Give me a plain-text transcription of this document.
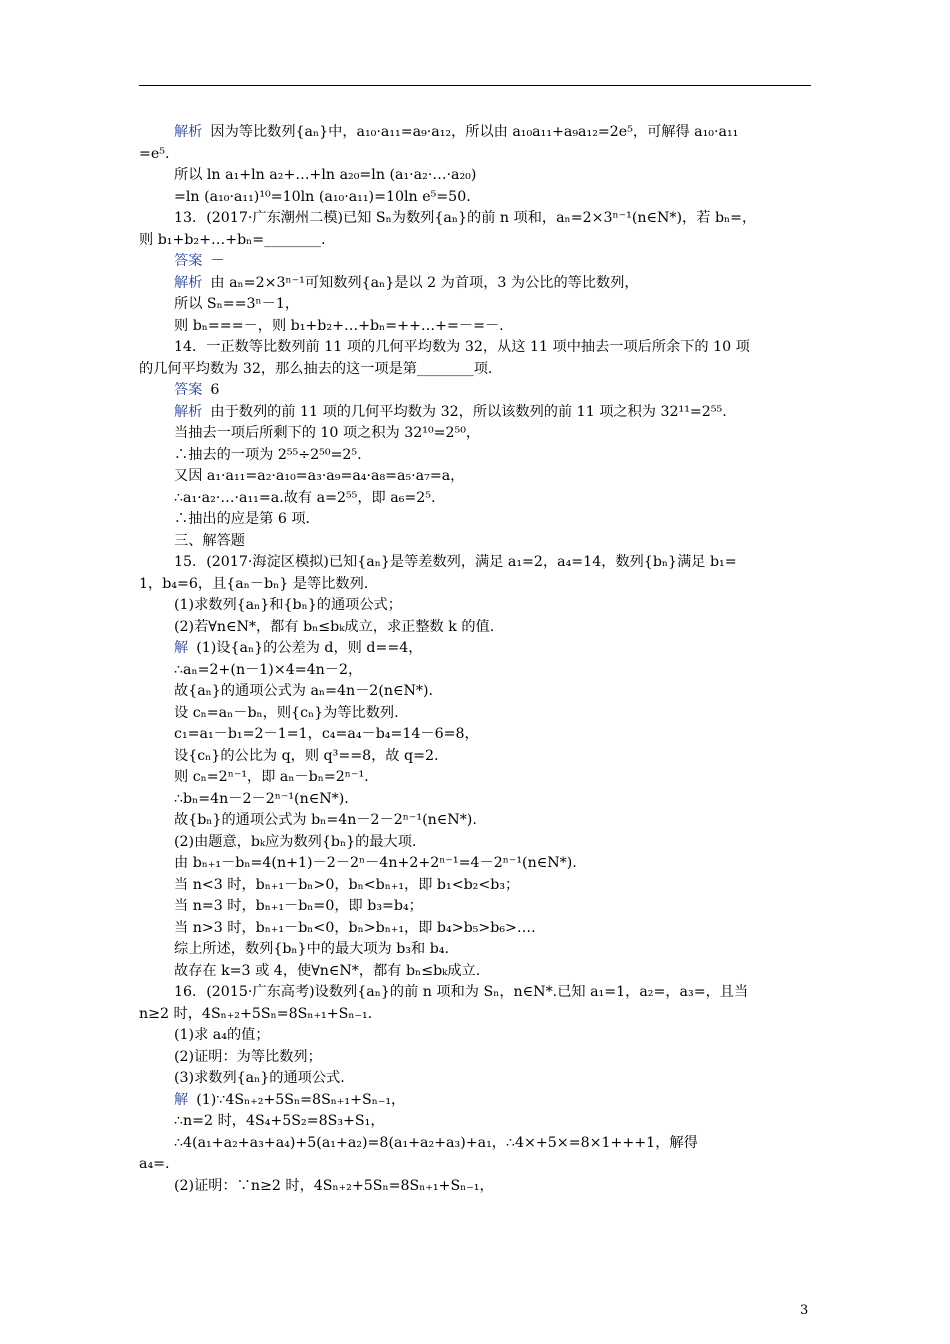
解析 因为等比数列{aₙ}中，a₁₀·a₁₁=a₉·a₁₂，所以由 a₁₀a₁₁+a₉a₁₂=2e⁵，可解得 a₁₀·a₁₁
=e⁵.
所以 ln a₁+ln a₂+…+ln a₂₀=ln (a₁·a₂·…·a₂₀)
=ln (a₁₀·a₁₁)¹⁰=10ln (a₁₀·a₁₁)=10ln e⁵=50.
13．(2017·广东潮州二模)已知 Sₙ为数列{aₙ}的前 n 项和，aₙ=2×3ⁿ⁻¹(n∈N*)，若 bₙ=，
则 b₁+b₂+…+bₙ=________.
答案 －
解析 由 aₙ=2×3ⁿ⁻¹可知数列{aₙ}是以 2 为首项，3 为公比的等比数列，
所以 Sₙ==3ⁿ－1，
则 bₙ===－，则 b₁+b₂+…+bₙ=++…+=－=－.
14．一正数等比数列前 11 项的几何平均数为 32，从这 11 项中抽去一项后所余下的 10 项
的几何平均数为 32，那么抽去的这一项是第________项.
答案 6
解析 由于数列的前 11 项的几何平均数为 32，所以该数列的前 11 项之积为 32¹¹=2⁵⁵.
当抽去一项后所剩下的 10 项之积为 32¹⁰=2⁵⁰，
∴抽去的一项为 2⁵⁵÷2⁵⁰=2⁵.
又因 a₁·a₁₁=a₂·a₁₀=a₃·a₉=a₄·a₈=a₅·a₇=a，
∴a₁·a₂·…·a₁₁=a.故有 a=2⁵⁵，即 a₆=2⁵.
∴抽出的应是第 6 项.
三、解答题
15．(2017·海淀区模拟)已知{aₙ}是等差数列，满足 a₁=2，a₄=14，数列{bₙ}满足 b₁=
1，b₄=6，且{aₙ－bₙ} 是等比数列.
(1)求数列{aₙ}和{bₙ}的通项公式；
(2)若∀n∈N*，都有 bₙ≤bₖ成立，求正整数 k 的值.
解 (1)设{aₙ}的公差为 d，则 d==4，
∴aₙ=2+(n－1)×4=4n－2，
故{aₙ}的通项公式为 aₙ=4n－2(n∈N*).
设 cₙ=aₙ－bₙ，则{cₙ}为等比数列.
c₁=a₁－b₁=2－1=1，c₄=a₄－b₄=14－6=8，
设{cₙ}的公比为 q，则 q³==8，故 q=2.
则 cₙ=2ⁿ⁻¹，即 aₙ－bₙ=2ⁿ⁻¹.
∴bₙ=4n－2－2ⁿ⁻¹(n∈N*).
故{bₙ}的通项公式为 bₙ=4n－2－2ⁿ⁻¹(n∈N*).
(2)由题意，bₖ应为数列{bₙ}的最大项.
由 bₙ₊₁－bₙ=4(n+1)－2－2ⁿ－4n+2+2ⁿ⁻¹=4－2ⁿ⁻¹(n∈N*).
当 n<3 时，bₙ₊₁－bₙ>0，bₙ<bₙ₊₁，即 b₁<b₂<b₃；
当 n=3 时，bₙ₊₁－bₙ=0，即 b₃=b₄；
当 n>3 时，bₙ₊₁－bₙ<0，bₙ>bₙ₊₁，即 b₄>b₅>b₆>….
综上所述，数列{bₙ}中的最大项为 b₃和 b₄.
故存在 k=3 或 4，使∀n∈N*，都有 bₙ≤bₖ成立.
16．(2015·广东高考)设数列{aₙ}的前 n 项和为 Sₙ，n∈N*.已知 a₁=1，a₂=，a₃=，且当
n≥2 时，4Sₙ₊₂+5Sₙ=8Sₙ₊₁+Sₙ₋₁.
(1)求 a₄的值；
(2)证明：为等比数列；
(3)求数列{aₙ}的通项公式.
解 (1)∵4Sₙ₊₂+5Sₙ=8Sₙ₊₁+Sₙ₋₁，
∴n=2 时，4S₄+5S₂=8S₃+S₁，
∴4(a₁+a₂+a₃+a₄)+5(a₁+a₂)=8(a₁+a₂+a₃)+a₁，∴4×+5×=8×1+++1，解得
a₄=.
(2)证明：∵n≥2 时，4Sₙ₊₂+5Sₙ=8Sₙ₊₁+Sₙ₋₁，
3
